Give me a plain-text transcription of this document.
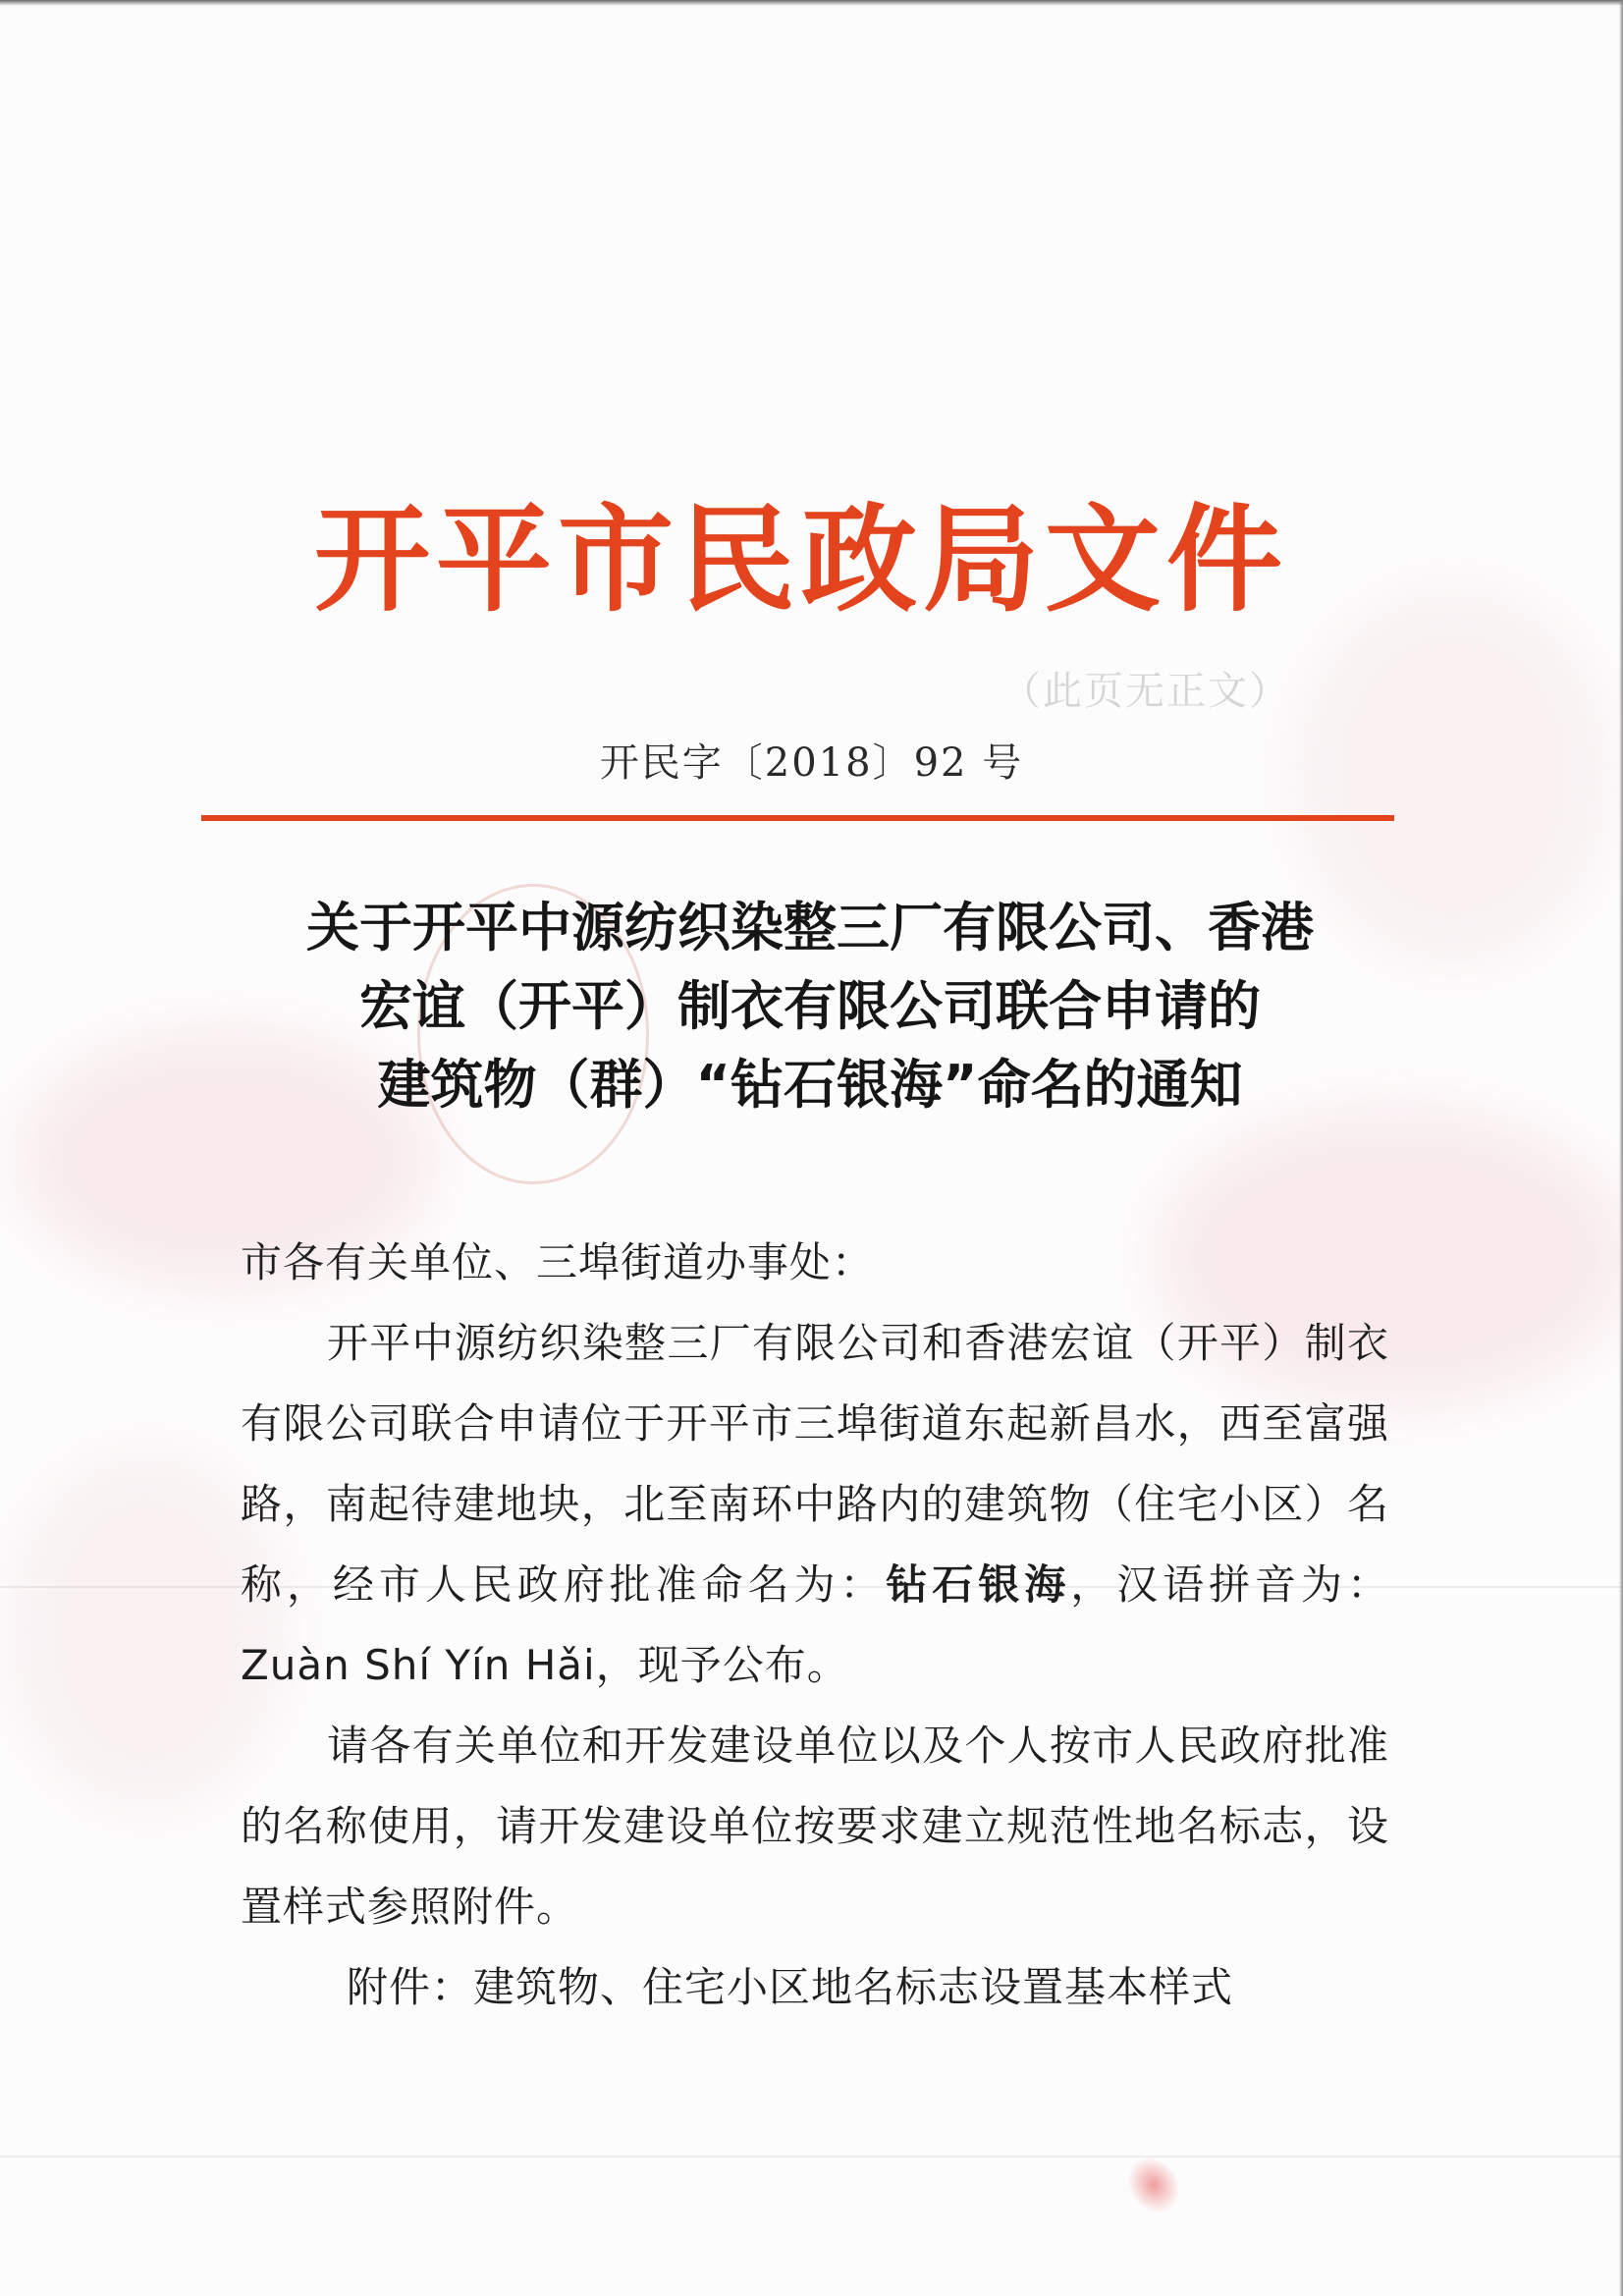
开平市民政局文件
（此页无正文）
开民字〔2018〕92 号
关于开平中源纺织染整三厂有限公司、香港
宏谊（开平）制衣有限公司联合申请的
建筑物（群）“钻石银海”命名的通知

市各有关单位、三埠街道办事处：

开平中源纺织染整三厂有限公司和香港宏谊（开平）制衣有限公司联合申请位于开平市三埠街道东起新昌水，西至富强路，南起待建地块，北至南环中路内的建筑物（住宅小区）名称，经市人民政府批准命名为：钻石银海，汉语拼音为：Zuàn Shí Yín Hǎi，现予公布。

请各有关单位和开发建设单位以及个人按市人民政府批准的名称使用，请开发建设单位按要求建立规范性地名标志，设置样式参照附件。

附件：建筑物、住宅小区地名标志设置基本样式
